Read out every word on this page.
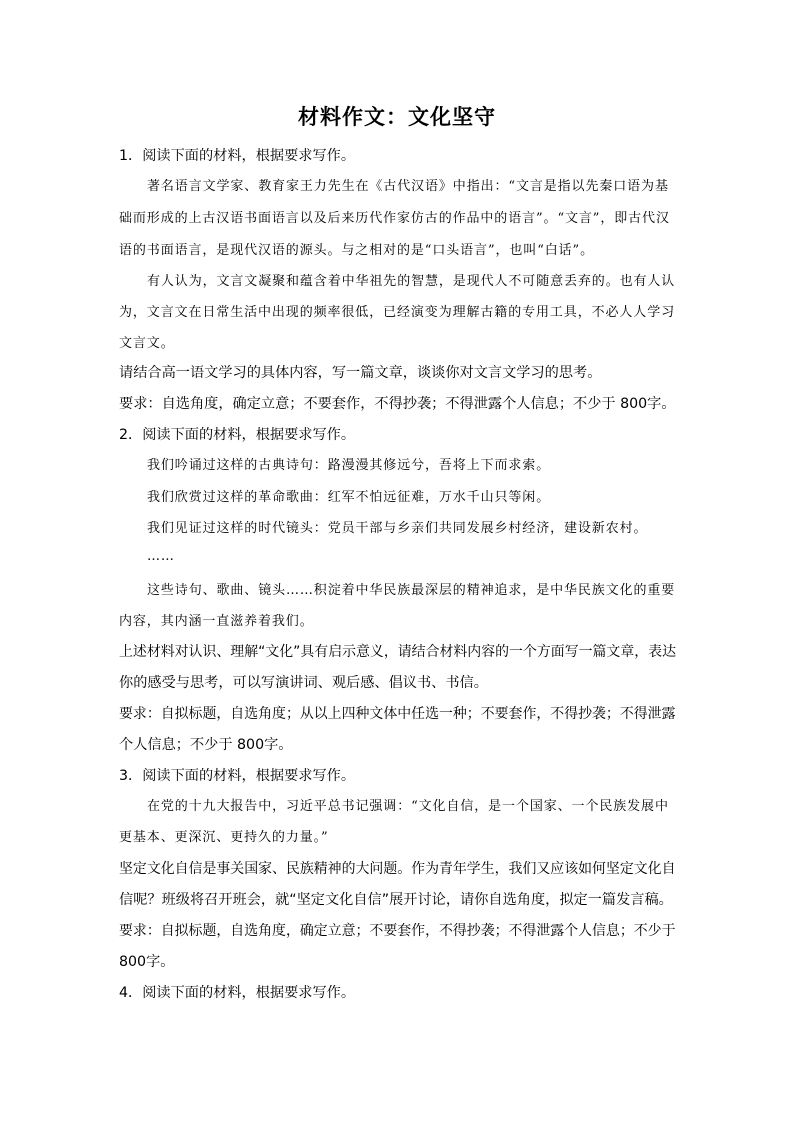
材料作文：文化坚守
1．阅读下面的材料，根据要求写作。
著名语言文学家、教育家王力先生在《古代汉语》中指出：“文言是指以先秦口语为基
础而形成的上古汉语书面语言以及后来历代作家仿古的作品中的语言”。“文言”，即古代汉
语的书面语言，是现代汉语的源头。与之相对的是“口头语言”，也叫“白话”。
有人认为，文言文凝聚和蕴含着中华祖先的智慧，是现代人不可随意丢弃的。也有人认
为，文言文在日常生活中出现的频率很低，已经演变为理解古籍的专用工具，不必人人学习
文言文。
请结合高一语文学习的具体内容，写一篇文章，谈谈你对文言文学习的思考。
要求：自选角度，确定立意；不要套作，不得抄袭；不得泄露个人信息；不少于 800字。
2．阅读下面的材料，根据要求写作。
我们吟诵过这样的古典诗句：路漫漫其修远兮，吾将上下而求索。
我们欣赏过这样的革命歌曲：红军不怕远征难，万水千山只等闲。
我们见证过这样的时代镜头：党员干部与乡亲们共同发展乡村经济，建设新农村。
……
这些诗句、歌曲、镜头……积淀着中华民族最深层的精神追求，是中华民族文化的重要
内容，其内涵一直滋养着我们。
上述材料对认识、理解“文化”具有启示意义，请结合材料内容的一个方面写一篇文章，表达
你的感受与思考，可以写演讲词、观后感、倡议书、书信。
要求：自拟标题，自选角度；从以上四种文体中任选一种；不要套作，不得抄袭；不得泄露
个人信息；不少于 800字。
3．阅读下面的材料，根据要求写作。
在党的十九大报告中，习近平总书记强调：“文化自信，是一个国家、一个民族发展中
更基本、更深沉、更持久的力量。”
坚定文化自信是事关国家、民族精神的大问题。作为青年学生，我们又应该如何坚定文化自
信呢？班级将召开班会，就“坚定文化自信”展开讨论，请你自选角度，拟定一篇发言稿。
要求：自拟标题，自选角度，确定立意；不要套作，不得抄袭；不得泄露个人信息；不少于
800字。
4．阅读下面的材料，根据要求写作。
